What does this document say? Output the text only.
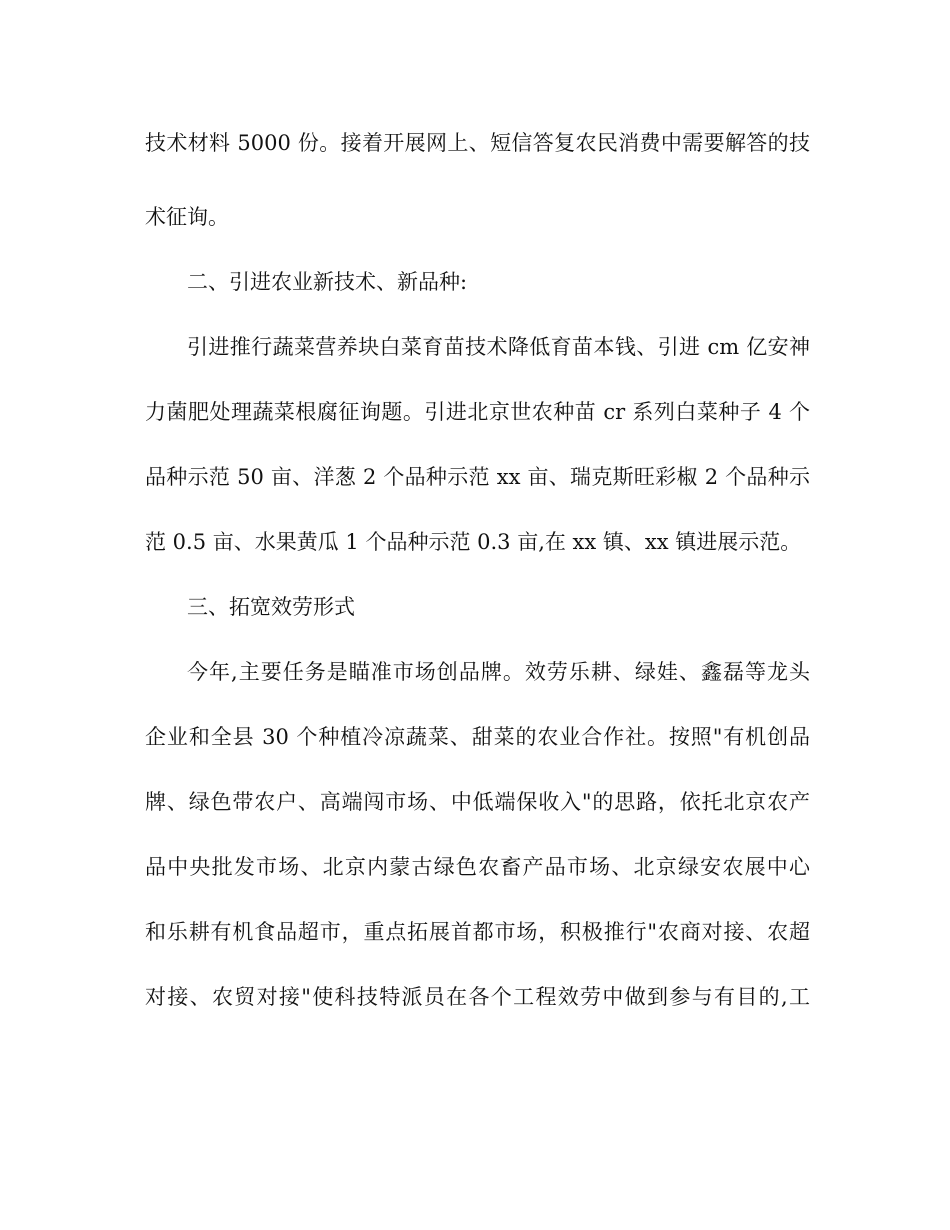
技术材料 5000 份。接着开展网上、短信答复农民消费中需要解答的技
术征询。
二、引进农业新技术、新品种:
引进推行蔬菜营养块白菜育苗技术降低育苗本钱、引进 cm 亿安神
力菌肥处理蔬菜根腐征询题。引进北京世农种苗 cr 系列白菜种子 4 个
品种示范 50 亩、洋葱 2 个品种示范 xx 亩、瑞克斯旺彩椒 2 个品种示
范 0.5 亩、水果黄瓜 1 个品种示范 0.3 亩,在 xx 镇、xx 镇进展示范。
三、拓宽效劳形式
今年,主要任务是瞄准市场创品牌。效劳乐耕、绿娃、鑫磊等龙头
企业和全县 30 个种植冷凉蔬菜、甜菜的农业合作社。按照"有机创品
牌、绿色带农户、高端闯市场、中低端保收入"的思路，依托北京农产
品中央批发市场、北京内蒙古绿色农畜产品市场、北京绿安农展中心
和乐耕有机食品超市，重点拓展首都市场，积极推行"农商对接、农超
对接、农贸对接"使科技特派员在各个工程效劳中做到参与有目的,工
